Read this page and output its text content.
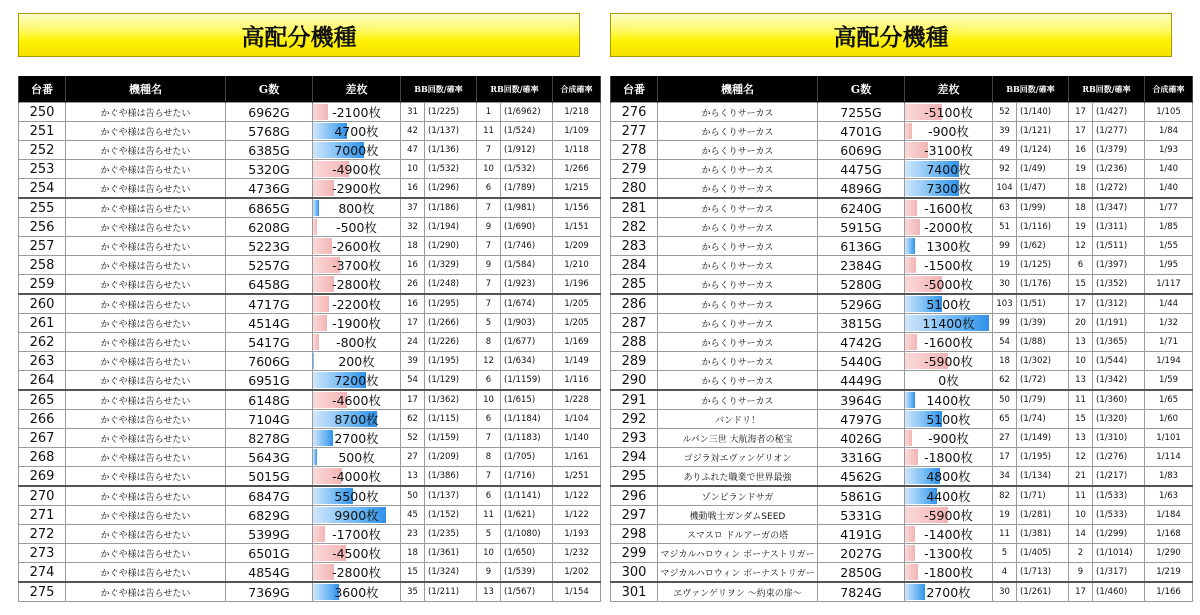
高配分機種
台番	機種名	G数	差枚	BB回数/確率		RB回数/確率		合成確率
250	かぐや様は告らせたい	6962G	-2100枚	31	(1/225)	1	(1/6962)	1/218
251	かぐや様は告らせたい	5768G	4700枚	42	(1/137)	11	(1/524)	1/109
252	かぐや様は告らせたい	6385G	7000枚	47	(1/136)	7	(1/912)	1/118
253	かぐや様は告らせたい	5320G	-4900枚	10	(1/532)	10	(1/532)	1/266
254	かぐや様は告らせたい	4736G	-2900枚	16	(1/296)	6	(1/789)	1/215
255	かぐや様は告らせたい	6865G	800枚	37	(1/186)	7	(1/981)	1/156
256	かぐや様は告らせたい	6208G	-500枚	32	(1/194)	9	(1/690)	1/151
257	かぐや様は告らせたい	5223G	-2600枚	18	(1/290)	7	(1/746)	1/209
258	かぐや様は告らせたい	5257G	-3700枚	16	(1/329)	9	(1/584)	1/210
259	かぐや様は告らせたい	6458G	-2800枚	26	(1/248)	7	(1/923)	1/196
260	かぐや様は告らせたい	4717G	-2200枚	16	(1/295)	7	(1/674)	1/205
261	かぐや様は告らせたい	4514G	-1900枚	17	(1/266)	5	(1/903)	1/205
262	かぐや様は告らせたい	5417G	-800枚	24	(1/226)	8	(1/677)	1/169
263	かぐや様は告らせたい	7606G	200枚	39	(1/195)	12	(1/634)	1/149
264	かぐや様は告らせたい	6951G	7200枚	54	(1/129)	6	(1/1159)	1/116
265	かぐや様は告らせたい	6148G	-4600枚	17	(1/362)	10	(1/615)	1/228
266	かぐや様は告らせたい	7104G	8700枚	62	(1/115)	6	(1/1184)	1/104
267	かぐや様は告らせたい	8278G	2700枚	52	(1/159)	7	(1/1183)	1/140
268	かぐや様は告らせたい	5643G	500枚	27	(1/209)	8	(1/705)	1/161
269	かぐや様は告らせたい	5015G	-4000枚	13	(1/386)	7	(1/716)	1/251
270	かぐや様は告らせたい	6847G	5500枚	50	(1/137)	6	(1/1141)	1/122
271	かぐや様は告らせたい	6829G	9900枚	45	(1/152)	11	(1/621)	1/122
272	かぐや様は告らせたい	5399G	-1700枚	23	(1/235)	5	(1/1080)	1/193
273	かぐや様は告らせたい	6501G	-4500枚	18	(1/361)	10	(1/650)	1/232
274	かぐや様は告らせたい	4854G	-2800枚	15	(1/324)	9	(1/539)	1/202
275	かぐや様は告らせたい	7369G	3600枚	35	(1/211)	13	(1/567)	1/154
高配分機種
台番	機種名	G数	差枚	BB回数/確率		RB回数/確率		合成確率
276	からくりサーカス	7255G	-5100枚	52	(1/140)	17	(1/427)	1/105
277	からくりサーカス	4701G	-900枚	39	(1/121)	17	(1/277)	1/84
278	からくりサーカス	6069G	-3100枚	49	(1/124)	16	(1/379)	1/93
279	からくりサーカス	4475G	7400枚	92	(1/49)	19	(1/236)	1/40
280	からくりサーカス	4896G	7300枚	104	(1/47)	18	(1/272)	1/40
281	からくりサーカス	6240G	-1600枚	63	(1/99)	18	(1/347)	1/77
282	からくりサーカス	5915G	-2000枚	51	(1/116)	19	(1/311)	1/85
283	からくりサーカス	6136G	1300枚	99	(1/62)	12	(1/511)	1/55
284	からくりサーカス	2384G	-1500枚	19	(1/125)	6	(1/397)	1/95
285	からくりサーカス	5280G	-5000枚	30	(1/176)	15	(1/352)	1/117
286	からくりサーカス	5296G	5100枚	103	(1/51)	17	(1/312)	1/44
287	からくりサーカス	3815G	11400枚	99	(1/39)	20	(1/191)	1/32
288	からくりサーカス	4742G	-1600枚	54	(1/88)	13	(1/365)	1/71
289	からくりサーカス	5440G	-5900枚	18	(1/302)	10	(1/544)	1/194
290	からくりサーカス	4449G	0枚	62	(1/72)	13	(1/342)	1/59
291	からくりサーカス	3964G	1400枚	50	(1/79)	11	(1/360)	1/65
292	バンドリ！	4797G	5100枚	65	(1/74)	15	(1/320)	1/60
293	ルパン三世 大航海者の秘宝	4026G	-900枚	27	(1/149)	13	(1/310)	1/101
294	ゴジラ対エヴァンゲリオン	3316G	-1800枚	17	(1/195)	12	(1/276)	1/114
295	ありふれた職業で世界最強	4562G	4800枚	34	(1/134)	21	(1/217)	1/83
296	ゾンビランドサガ	5861G	4400枚	82	(1/71)	11	(1/533)	1/63
297	機動戦士ガンダムSEED	5331G	-5900枚	19	(1/281)	10	(1/533)	1/184
298	スマスロ ドルアーガの塔	4191G	-1400枚	11	(1/381)	14	(1/299)	1/168
299	マジカルハロウィン ボーナストリガー	2027G	-1300枚	5	(1/405)	2	(1/1014)	1/290
300	マジカルハロウィン ボーナストリガー	2850G	-1800枚	4	(1/713)	9	(1/317)	1/219
301	ヱヴァンゲリヲン ～約束の扉～	7824G	2700枚	30	(1/261)	17	(1/460)	1/166
